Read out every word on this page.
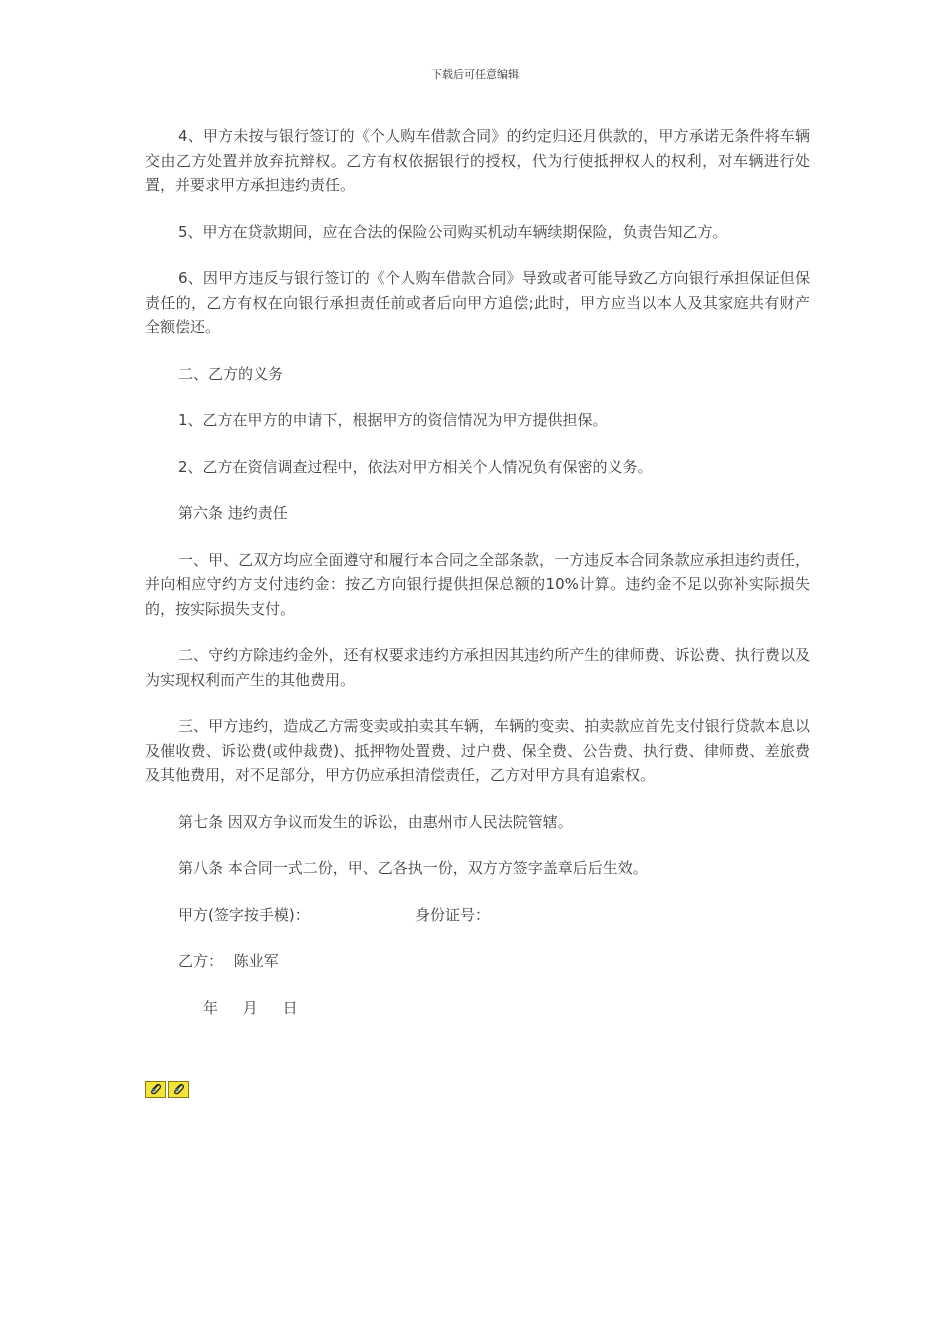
下载后可任意编辑

4、甲方未按与银行签订的《个人购车借款合同》的约定归还月供款的，甲方承诺无条件将车辆交由乙方处置并放弃抗辩权。乙方有权依据银行的授权，代为行使抵押权人的权利，对车辆进行处置，并要求甲方承担违约责任。

5、甲方在贷款期间，应在合法的保险公司购买机动车辆续期保险，负责告知乙方。

6、因甲方违反与银行签订的《个人购车借款合同》导致或者可能导致乙方向银行承担保证但保责任的，乙方有权在向银行承担责任前或者后向甲方追偿;此时，甲方应当以本人及其家庭共有财产全额偿还。

二、乙方的义务

1、乙方在甲方的申请下，根据甲方的资信情况为甲方提供担保。

2、乙方在资信调查过程中，依法对甲方相关个人情况负有保密的义务。

第六条 违约责任

一、甲、乙双方均应全面遵守和履行本合同之全部条款，一方违反本合同条款应承担违约责任，并向相应守约方支付违约金：按乙方向银行提供担保总额的10%计算。违约金不足以弥补实际损失的，按实际损失支付。

二、守约方除违约金外，还有权要求违约方承担因其违约所产生的律师费、诉讼费、执行费以及为实现权利而产生的其他费用。

三、甲方违约，造成乙方需变卖或拍卖其车辆，车辆的变卖、拍卖款应首先支付银行贷款本息以及催收费、诉讼费(或仲裁费)、抵押物处置费、过户费、保全费、公告费、执行费、律师费、差旅费及其他费用，对不足部分，甲方仍应承担清偿责任，乙方对甲方具有追索权。

第七条 因双方争议而发生的诉讼，由惠州市人民法院管辖。

第八条 本合同一式二份，甲、乙各执一份，双方方签字盖章后后生效。

甲方(签字按手模)：	身份证号：
乙方： 陈业军
年 月 日
